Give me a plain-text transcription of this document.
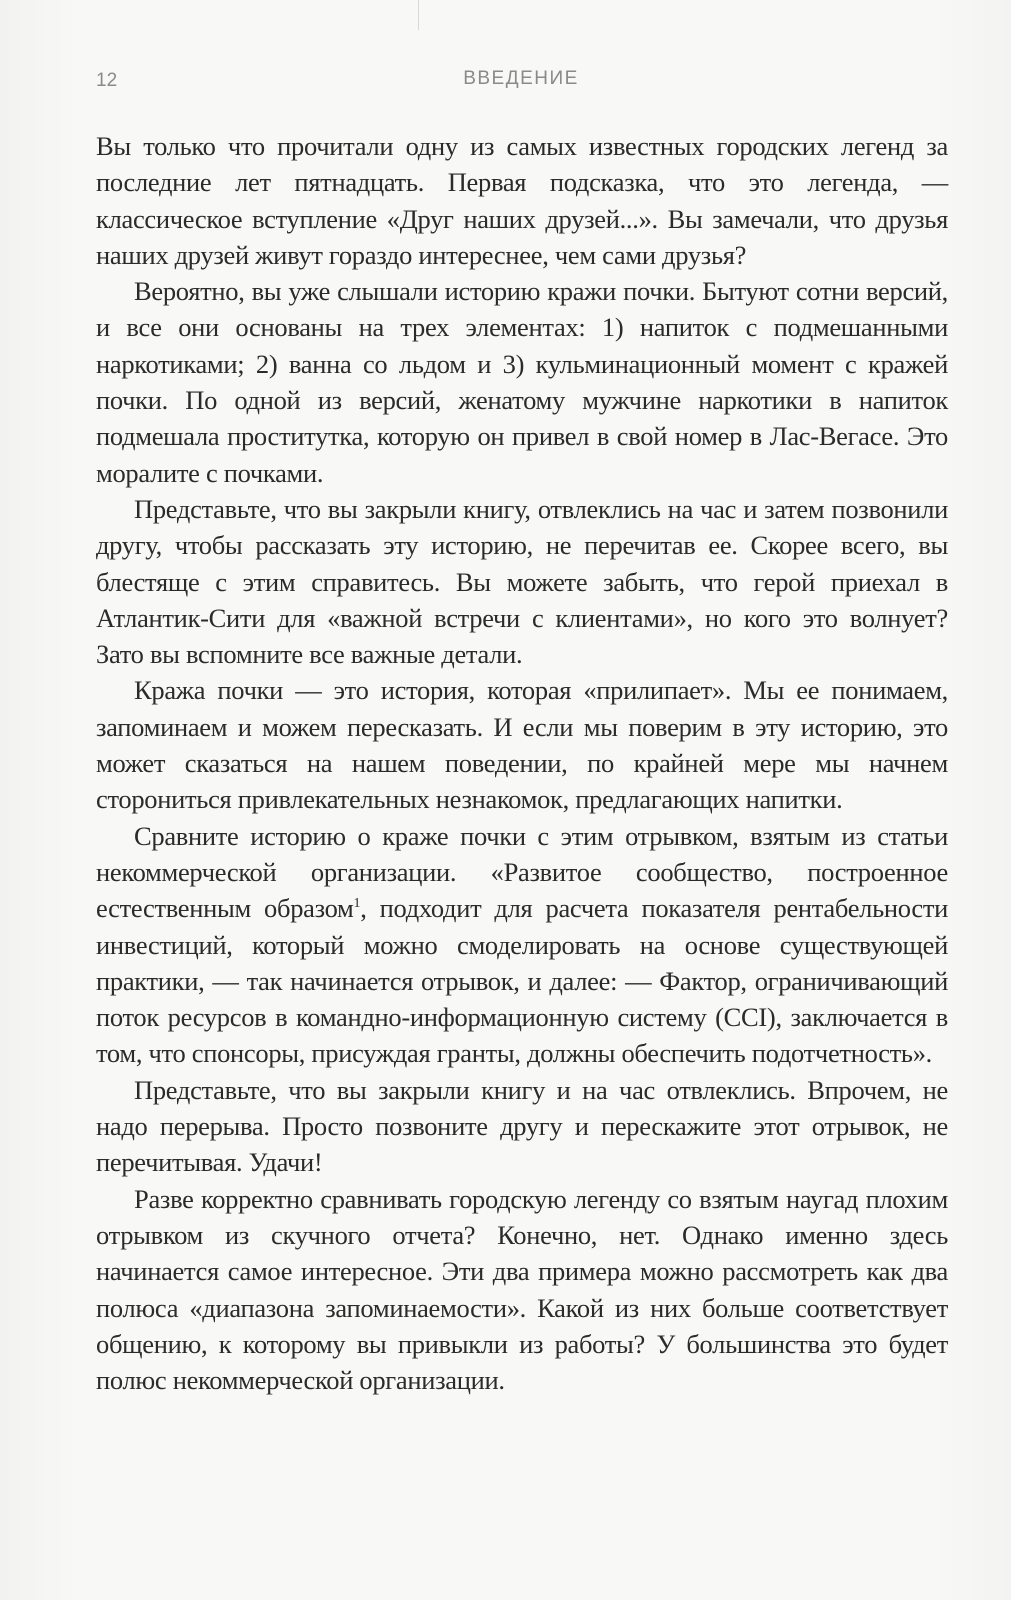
12	ВВЕДЕНИЕ

Вы только что прочитали одну из самых известных городских легенд за последние лет пятнадцать. Первая подсказка, что это легенда, — классическое вступление «Друг наших друзей...». Вы замечали, что друзья наших друзей живут гораздо интереснее, чем сами друзья?

Вероятно, вы уже слышали историю кражи почки. Бытуют сотни версий, и все они основаны на трех элементах: 1) напиток с подмешанными наркотиками; 2) ванна со льдом и 3) кульминационный момент с кражей почки. По одной из версий, женатому мужчине наркотики в напиток подмешала проститутка, которую он привел в свой номер в Лас-Вегасе. Это моралите с почками.

Представьте, что вы закрыли книгу, отвлеклись на час и затем позвонили другу, чтобы рассказать эту историю, не перечитав ее. Скорее всего, вы блестяще с этим справитесь. Вы можете забыть, что герой приехал в Атлантик-Сити для «важной встречи с клиентами», но кого это волнует? Зато вы вспомните все важные детали.

Кража почки — это история, которая «прилипает». Мы ее понимаем, запоминаем и можем пересказать. И если мы поверим в эту историю, это может сказаться на нашем поведении, по крайней мере мы начнем сторониться привлекательных незнакомок, предлагающих напитки.

Сравните историю о краже почки с этим отрывком, взятым из статьи некоммерческой организации. «Развитое сообщество, построенное естественным образом$^1$, подходит для расчета показателя рентабельности инвестиций, который можно смоделировать на основе существующей практики, — так начинается отрывок, и далее: — Фактор, ограничивающий поток ресурсов в командно-информационную систему (CCI), заключается в том, что спонсоры, присуждая гранты, должны обеспечить подотчетность».

Представьте, что вы закрыли книгу и на час отвлеклись. Впрочем, не надо перерыва. Просто позвоните другу и перескажите этот отрывок, не перечитывая. Удачи!

Разве корректно сравнивать городскую легенду со взятым наугад плохим отрывком из скучного отчета? Конечно, нет. Однако именно здесь начинается самое интересное. Эти два примера можно рассмотреть как два полюса «диапазона запоминаемости». Какой из них больше соответствует общению, к которому вы привыкли из работы? У большинства это будет полюс некоммерческой организации.
